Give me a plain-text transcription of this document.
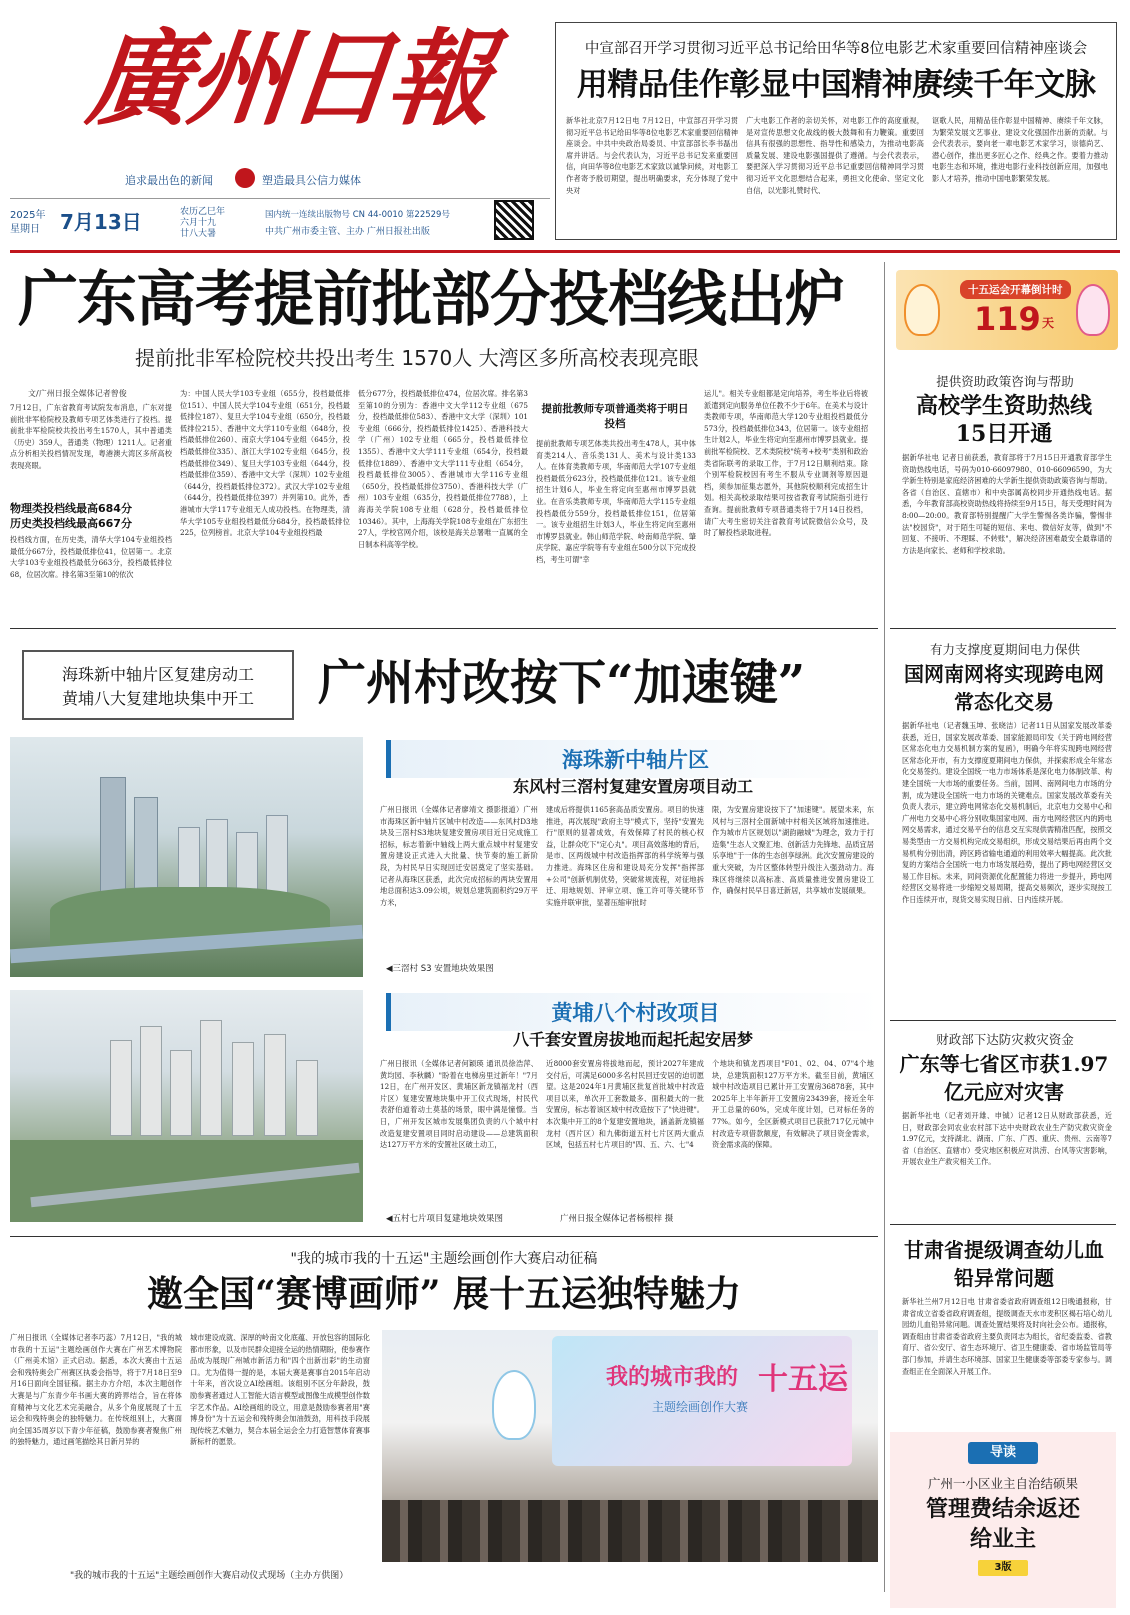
廣州日報
追求最出色的新闻	塑造最具公信力媒体
2025年
星期日 7月13日	农历乙巳年
六月十九
廿八大暑
国内统一连续出版物号 CN 44-0010 第22529号
中共广州市委主管、主办 广州日报社出版
中宣部召开学习贯彻习近平总书记给田华等8位电影艺术家重要回信精神座谈会
用精品佳作彰显中国精神赓续千年文脉
新华社北京7月12日电 7月12日，中宣部召开学习贯彻习近平总书记给田华等8位电影艺术家重要回信精神座谈会。中共中央政治局委员、中宣部部长李书磊出席并讲话。与会代表认为，习近平总书记发来重要回信，向田华等8位电影艺术家致以诚挚问候，对电影工作者寄予殷切期望，提出明确要求，充分体现了党中央对
广大电影工作者的亲切关怀，对电影工作的高度重视，是对宣传思想文化战线的极大鼓舞和有力鞭策。重要回信具有很强的思想性、指导性和感染力，为推动电影高质量发展、建设电影强国提供了遵循。与会代表表示，要把深入学习贯彻习近平总书记重要回信精神同学习贯彻习近平文化思想结合起来，勇担文化使命、坚定文化自信，以光影礼赞时代、
讴歌人民，用精品佳作彰显中国精神、赓续千年文脉，为繁荣发展文艺事业、建设文化强国作出新的贡献。与会代表表示，要向老一辈电影艺术家学习，崇德尚艺、潜心创作，推出更多匠心之作、经典之作。要着力推动电影生态和环境，推进电影行业科技创新应用，加强电影人才培养，推动中国电影繁荣发展。
广东高考提前批部分投档线出炉
提前批非军检院校共投出考生 1570人 大湾区多所高校表现亮眼
文/广州日报全媒体记者曾俊
7月12日，广东省教育考试院发布消息，广东对提前批非军检院校及教师专项艺体类进行了投档。提前批非军检院校共投出考生1570人，其中普通类（历史）359人，普通类（物理）1211人。记者重点分析相关投档情况发现，粤港澳大湾区多所高校表现亮眼。
物理类投档线最高684分
历史类投档线最高667分
投档线方面，在历史类，清华大学104专业组投档最低分667分，投档最低排位41，位居第一。北京大学103专业组投档最低分663分，投档最低排位68，位居次席。排名第3至第10的依次
为：中国人民大学103专业组（655分，投档最低排位151）、中国人民大学104专业组（651分，投档最低排位187）、复旦大学104专业组（650分，投档最低排位215）、香港中文大学110专业组（648分，投档最低排位260）、南京大学104专业组（645分，投档最低排位335）、浙江大学102专业组（645分，投档最低排位349）、复旦大学103专业组（644分，投档最低排位359）、香港中文大学（深圳）102专业组（644分，投档最低排位372）。武汉大学102专业组（644分，投档最低排位397）并列第10。此外，香港城市大学117专业组无人成功投档。在物理类，清华大学105专业组投档最低分684分，投档最低排位225，位列榜首。北京大学104专业组投档最
低分677分，投档最低排位474，位居次席。排名第3至第10的分别为：香港中文大学112专业组（675分，投档最低排位583）、香港中文大学（深圳）101专业组（666分，投档最低排位1425）、香港科技大学（广州）102专业组（665分，投档最低排位1355）、香港中文大学111专业组（654分，投档最低排位1889）、香港中文大学111专业组（654分，投档最低排位3005）、香港城市大学116专业组（650分，投档最低排位3750）、香港科技大学（广州）103专业组（635分，投档最低排位7788），上海海关学院108专业组（628分，投档最低排位10346）。其中，上海海关学院108专业组在广东招生27人，学校官网介绍，该校是海关总署唯一直属的全日制本科高等学校。
提前批教师专项普通类将于明日投档
提前批教师专项艺体类共投出考生478人，其中体育类214人、音乐类131人、美术与设计类133人。在体育类教师专项，华南师范大学107专业组投档最低分623分，投档最低排位121。该专业组招生计划6人，毕业生将定向至惠州市博罗县就业。在音乐类教师专项，华南师范大学115专业组投档最低分559分，投档最低排位151，位居第一。该专业组招生计划3人，毕业生将定向至惠州市博罗县就业。韩山师范学院、岭南师范学院、肇庆学院、嘉应学院等有专业组在500分以下完成投档，考生可谓"幸
运儿"。相关专业组都是定向培养，考生毕业后将被派遣到定向服务单位任教不少于6年。在美术与设计类教师专项，华南师范大学120专业组投档最低分573分，投档最低排位343，位居第一。该专业组招生计划2人，毕业生将定向至惠州市博罗县就业。提前批军检院校、艺术类院校"统考+校考"类别和政治类省际联考的录取工作，于7月12日顺利结束。除个别军检院校因有考生不服从专业调剂等原因退档，须参加征集志愿外，其他院校顺利完成招生计划。相关高校录取结果可按省教育考试院指引进行查询。提前批教师专项普通类将于7月14日投档，请广大考生密切关注省教育考试院微信公众号，及时了解投档录取进程。
十五运会开幕倒计时
119 天
提供资助政策咨询与帮助
高校学生资助热线15日开通
据新华社电 记者日前获悉，教育部将于7月15日开通教育部学生资助热线电话，号码为010-66097980、010-66096590，为大学新生特别是家庭经济困难的大学新生提供资助政策咨询与帮助。各省（自治区、直辖市）和中央部属高校同步开通热线电话。据悉，今年教育部高校资助热线将持续至9月15日，每天受理时间为8:00—20:00。教育部特别提醒广大学生警惕各类诈骗，警惕非法"校园贷"，对于陌生可疑的短信、来电、微信好友等，做到"不回复、不接听、不理睬、不转账"，解决经济困难最安全最靠谱的方法是向家长、老师和学校求助。
有力支撑度夏期间电力保供
国网南网将实现跨电网常态化交易
据新华社电（记者魏玉坤、张晓洁）记者11日从国家发展改革委获悉，近日，国家发展改革委、国家能源局印发《关于跨电网经营区常态化电力交易机制方案的复函》，明确今年将实现跨电网经营区常态化开市，有力支撑度夏期间电力保供，并探索形成全年常态化交易签约。建设全国统一电力市场体系是深化电力体制改革、构建全国统一大市场的重要任务。当前，国网、南网间电力市场的分割，成为建设全国统一电力市场的关键难点。国家发展改革委有关负责人表示，建立跨电网常态化交易机制后，北京电力交易中心和广州电力交易中心将分别收集国家电网、南方电网经营区内的跨电网交易需求，通过交易平台的信息交互实现供需精准匹配，按照交易类型由一方交易机构完成交易组织，形成交易结果后再由两个交易机构分别出清，跨区跨省输电通道的利用效率大幅提高。此次批复的方案结合全国统一电力市场发展趋势，提出了跨电网经营区交易工作目标。未来，同间资源优化配置能力将进一步提升，跨电网经营区交易将进一步缩短交易周期，提高交易频次，逐步实现按工作日连续开市，现货交易实现日前、日内连续开展。
财政部下达防灾救灾资金
广东等七省区市获1.97亿元应对灾害
据新华社电（记者刘开雄、申铖）记者12日从财政部获悉，近日，财政部会同农业农村部下达中央财政农业生产防灾救灾资金1.97亿元，支持湖北、湖南、广东、广西、重庆、贵州、云南等7省（自治区、直辖市）受灾地区积极应对洪涝、台风等灾害影响，开展农业生产救灾相关工作。
甘肃省提级调查幼儿血铅异常问题
新华社兰州7月12日电 甘肃省委省政府调查组12日晚通报称，甘肃省成立省委省政府调查组，提级调查天水市麦积区褐石培心幼儿园幼儿血铅异常问题。调查处置结果将及时向社会公布。通报称，调查组由甘肃省委省政府主要负责同志为组长，省纪委监委、省教育厅、省公安厅、省生态环境厅、省卫生健康委、省市场监管局等部门参加，并请生态环境部、国家卫生健康委等部委专家参与。调查组正在全面深入开展工作。
导读
广州一小区业主自治结硕果
管理费结余返还给业主
3版
海珠新中轴片区复建房动工
黄埔八大复建地块集中开工	广州村改按下“加速键”
海珠新中轴片区
东风村三滘村复建安置房项目动工
广州日报讯（全媒体记者廖靖文 摄影报道）广州市海珠区新中轴片区城中村改造——东风村D3地块及三滘村S3地块复建安置房项目近日完成施工招标，标志着新中轴线上两大重点城中村复建安置房建设正式进入大批量、快节奏的施工新阶段，为村民早日实现回迁安居奠定了坚实基础。记者从海珠区获悉，此次完成招标的两块安置用地总面积达3.09公顷，规划总建筑面积约29万平方米，
建成后将提供1165套高品质安置房。项目的快速推进，再次展现"政府主导"模式下，坚持"安置先行"原则的显著成效，有效保障了村民的核心权益，让群众吃下"定心丸"。项目高效落地的背后，是市、区两级城中村改造指挥部的科学统筹与强力推进。海珠区住房和建设局充分发挥"指挥部+公司"创新机制优势，突破常规流程，对征地拆迁、用地规划、评审立项、施工许可等关键环节实施并联审批，显著压缩审批时
限，为安置房建设按下了"加速键"。展望未来，东风村与三滘村全面新城中村相关区域将加速推进。作为城市片区规划以"湖韵融城"为理念，致力于打造集"生态人文聚汇地、创新活力先锋地、品质宜居乐享地"于一体的生态创享绿洲。此次安置房建设的重大突破，为片区整体转型升级注入强劲动力。海珠区将继续以高标准、高质量推进安置房建设工作，确保村民早日喜迁新居，共享城市发展硕果。
◀三滘村 S3 安置地块效果图
黄埔八个村改项目
八千套安置房拔地而起托起安居梦
广州日报讯（全媒体记者何颖瑛 通讯员徐浩萍、黄均园、李秋麟）"盼着在电梯房里过新年！"7月12日，在广州开发区、黄埔区新龙镇福龙村（西片区）复建安置地块集中开工仪式现场，村民代表舒伯道着动土莫基的场景，眼中满是憧憬。当日，广州开发区城市发展集团负责的八个城中村改造复建安置项目同时启动建设——总建筑面积达127万平方米的安置社区破土动工，
近8000套安置房将拔地而起，预计2027年建成交付后，可满足6000多名村民回迁安居的迫切愿望。这是2024年1月黄埔区批复首批城中村改造项目以来，单次开工套数最多、面积最大的一批安置房，标志着该区城中村改造按下了"快进键"。本次集中开工的8个复建安置地块，涵盖新龙镇福龙村（西片区）和九佛街道五村七片区两大重点区域，包括五村七片项目的"四、五、六、七"4
个地块和镇龙西项目"F01、02、04、07"4个地块，总建筑面积127万平方米。截至目前，黄埔区城中村改造项目已累计开工安置房36878套，其中2025年上半年新开工安置房23439套，接近全年开工总量的60%，完成年度计划，已对标任务的77%。如今，全区新模式项目已获批717亿元城中村改造专项借款额度，有效解决了项目资金需求，资金需求高的保障。
◀五村七片项目复建地块效果图	广州日报全媒体记者杨根梓 摄
"我的城市我的十五运"主题绘画创作大赛启动征稿
邀全国“赛博画师” 展十五运独特魅力
广州日报讯（全媒体记者李巧蕊）7月12日，"我的城市我的十五运"主题绘画创作大赛在广州艺术博物院（广州美术馆）正式启动。据悉，本次大赛由十五运会和残特奥会广州赛区执委会指导，将于7月18日至9月16日面向全国征稿。据主办方介绍，本次主题创作大赛是与广东青少年书画大赛的跨界结合，旨在将体育精神与文化艺术完美融合，从多个角度展现了十五运会和残特奥会的独特魅力。在传统组别上，大赛面向全国35周岁以下青少年征稿，鼓励参赛者聚焦广州的独特魅力，通过画笔描绘其日新月异的
城市建设成就、深厚的岭南文化底蕴、开放包容的国际化都市形象，以及市民群众迎接全运的热情期盼，使参赛作品成为展现广州城市新活力和"四个出新出彩"的生动窗口。尤为值得一提的是，本届大赛是赛事自2015年启动十年来，首次设立AI绘画组。该组别不区分年龄段，鼓励参赛者通过人工智能大语言模型或图像生成模型创作数字艺术作品。AI绘画组的设立，用意是鼓励参赛者用"赛博身份"为十五运会和残特奥会加油鼓劲，用科技手段展现传统艺术魅力，契合本届全运会全力打造智慧体育赛事新标杆的愿景。
我的城市我的 十五运
主题绘画创作大赛
"我的城市我的十五运"主题绘画创作大赛启动仪式现场（主办方供图）
